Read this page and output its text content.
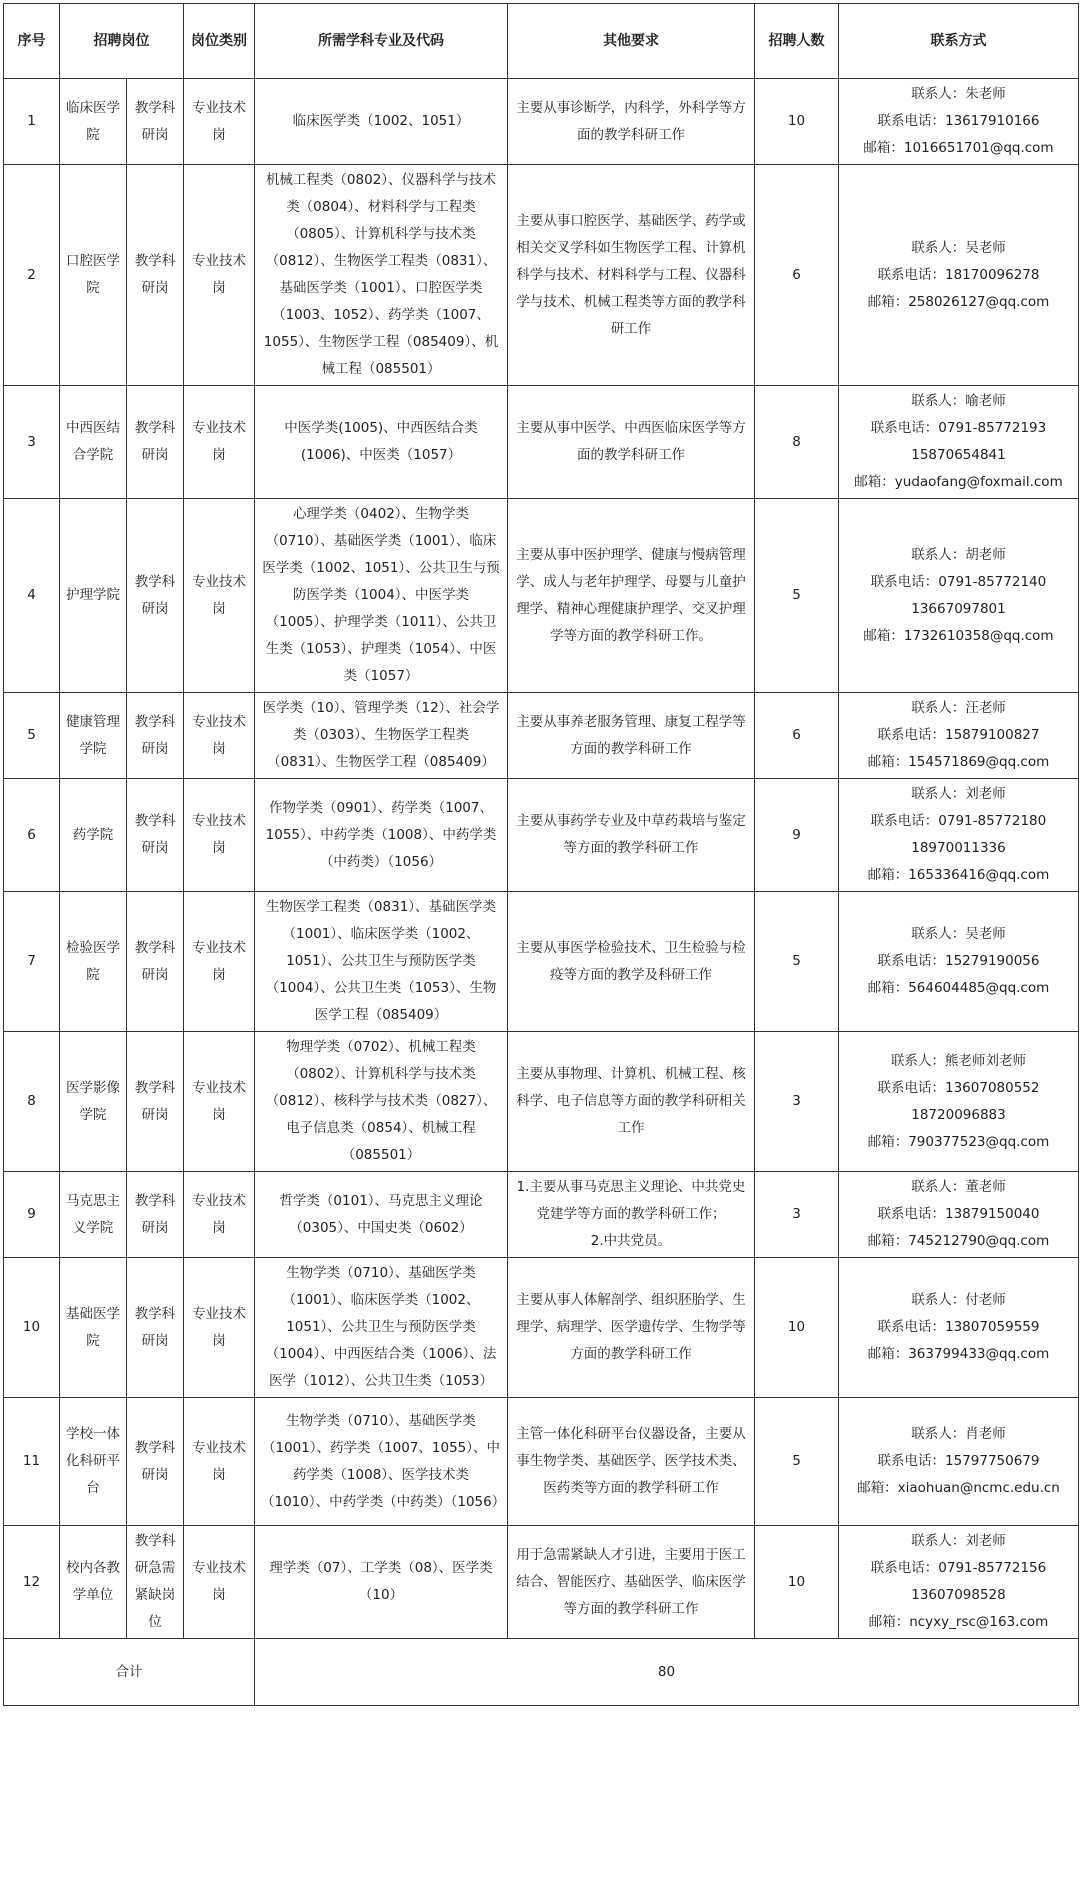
序号	招聘岗位		岗位类别	所需学科专业及代码	其他要求	招聘人数	联系方式
1	临床医学院	教学科研岗	专业技术岗	临床医学类（1002、1051）	主要从事诊断学，内科学，外科学等方面的教学科研工作	10	联系人：朱老师
联系电话：13617910166
邮箱：1016651701@qq.com

2	口腔医学院	教学科研岗	专业技术岗	机械工程类（0802）、仪器科学与技术类（0804）、材料科学与工程类（0805）、计算机科学与技术类（0812）、生物医学工程类（0831）、基础医学类（1001）、口腔医学类（1003、1052）、药学类（1007、1055）、生物医学工程（085409）、机械工程（085501）	主要从事口腔医学、基础医学、药学或相关交叉学科如生物医学工程、计算机科学与技术、材料科学与工程、仪器科学与技术、机械工程类等方面的教学科研工作	6	联系人：吴老师
联系电话：18170096278
邮箱：258026127@qq.com

3	中西医结合学院	教学科研岗	专业技术岗	中医学类(1005)、中西医结合类(1006)、中医类（1057）	主要从事中医学、中西医临床医学等方面的教学科研工作	8	联系人：喻老师
联系电话：0791-85772193
15870654841
邮箱：yudaofang@foxmail.com

4	护理学院	教学科研岗	专业技术岗	心理学类（0402）、生物学类（0710）、基础医学类（1001）、临床医学类（1002、1051）、公共卫生与预防医学类（1004）、中医学类（1005）、护理学类（1011）、公共卫生类（1053）、护理类（1054）、中医类（1057）	主要从事中医护理学、健康与慢病管理学、成人与老年护理学、母婴与儿童护理学、精神心理健康护理学、交叉护理学等方面的教学科研工作。	5	联系人：胡老师
联系电话：0791-85772140
13667097801
邮箱：1732610358@qq.com

5	健康管理学院	教学科研岗	专业技术岗	医学类（10）、管理学类（12）、社会学类（0303）、生物医学工程类（0831）、生物医学工程（085409）	主要从事养老服务管理、康复工程学等方面的教学科研工作	6	联系人：汪老师
联系电话：15879100827
邮箱：154571869@qq.com

6	药学院	教学科研岗	专业技术岗	作物学类（0901）、药学类（1007、1055）、中药学类（1008）、中药学类（中药类）（1056）	主要从事药学专业及中草药栽培与鉴定等方面的教学科研工作	9	联系人：刘老师
联系电话：0791-85772180
18970011336
邮箱：165336416@qq.com

7	检验医学院	教学科研岗	专业技术岗	生物医学工程类（0831）、基础医学类（1001）、临床医学类（1002、1051）、公共卫生与预防医学类（1004）、公共卫生类（1053）、生物医学工程（085409）	主要从事医学检验技术、卫生检验与检疫等方面的教学及科研工作	5	联系人：吴老师
联系电话：15279190056
邮箱：564604485@qq.com

8	医学影像学院	教学科研岗	专业技术岗	物理学类（0702）、机械工程类（0802）、计算机科学与技术类（0812）、核科学与技术类（0827）、电子信息类（0854）、机械工程（085501）	主要从事物理、计算机、机械工程、核科学、电子信息等方面的教学科研相关工作	3	联系人：熊老师刘老师
联系电话：13607080552
18720096883
邮箱：790377523@qq.com

9	马克思主义学院	教学科研岗	专业技术岗	哲学类（0101）、马克思主义理论（0305）、中国史类（0602）	1.主要从事马克思主义理论、中共党史党建学等方面的教学科研工作；
2.中共党员。	3	联系人：董老师
联系电话：13879150040
邮箱：745212790@qq.com

10	基础医学院	教学科研岗	专业技术岗	生物学类（0710）、基础医学类（1001）、临床医学类（1002、1051）、公共卫生与预防医学类（1004）、中西医结合类（1006）、法医学（1012）、公共卫生类（1053）	主要从事人体解剖学、组织胚胎学、生理学、病理学、医学遗传学、生物学等方面的教学科研工作	10	联系人：付老师
联系电话：13807059559
邮箱：363799433@qq.com

11	学校一体化科研平台	教学科研岗	专业技术岗	生物学类（0710）、基础医学类（1001）、药学类（1007、1055）、中药学类（1008）、医学技术类（1010）、中药学类（中药类）（1056）	主管一体化科研平台仪器设备，主要从事生物学类、基础医学、医学技术类、医药类等方面的教学科研工作	5	联系人：肖老师
联系电话：15797750679
邮箱：xiaohuan@ncmc.edu.cn

12	校内各教学单位	教学科研急需紧缺岗位	专业技术岗	理学类（07）、工学类（08）、医学类（10）	用于急需紧缺人才引进，主要用于医工结合、智能医疗、基础医学、临床医学等方面的教学科研工作	10	联系人：刘老师
联系电话：0791-85772156
13607098528
邮箱：ncyxy_rsc@163.com

合计				80			
